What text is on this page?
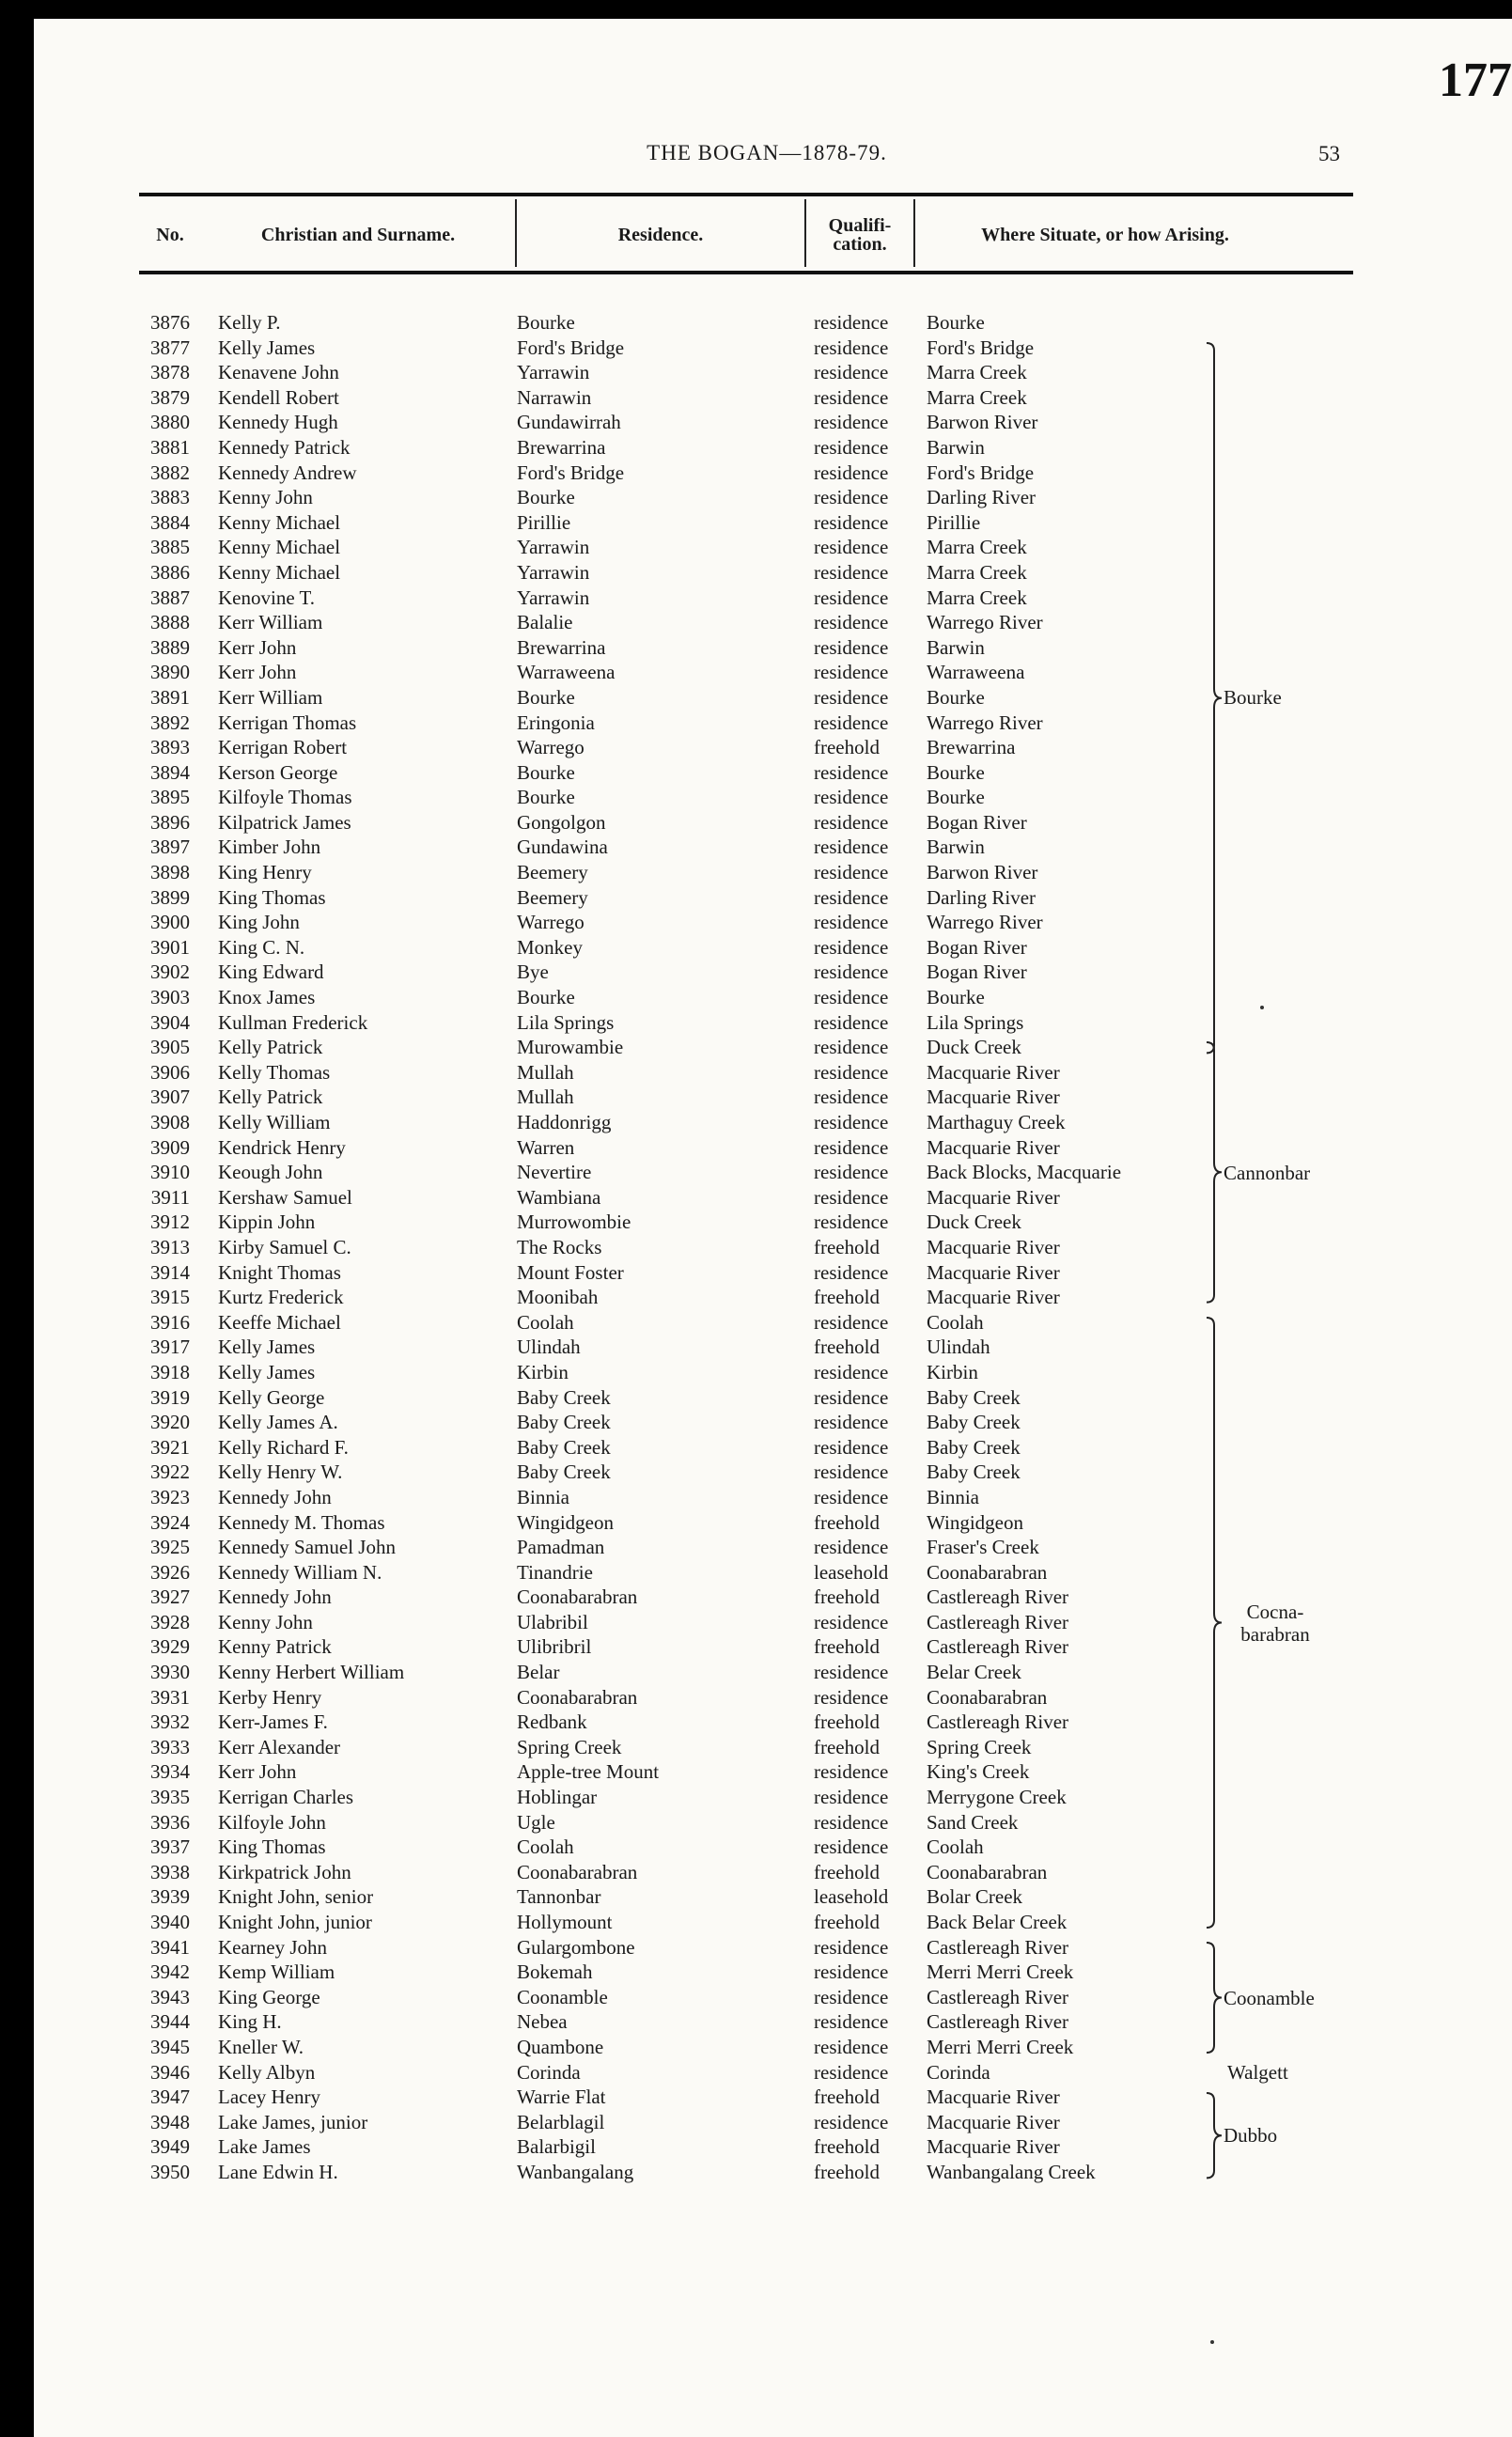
177
THE BOGAN—1878-79.	53
No.	Christian and Surname.	Residence.	Qualifi-
cation.	Where Situate, or how Arising.
3876 Kelly P.	Bourke	residence Bourke
3877 Kelly James	Ford's Bridge	residence Ford's Bridge
3878 Kenavene John	Yarrawin	residence Marra Creek
3879 Kendell Robert	Narrawin	residence Marra Creek
3880 Kennedy Hugh	Gundawirrah	residence Barwon River
3881 Kennedy Patrick	Brewarrina	residence Barwin
3882 Kennedy Andrew	Ford's Bridge	residence Ford's Bridge
3883 Kenny John	Bourke	residence Darling River
3884 Kenny Michael	Pirillie	residence Pirillie
3885 Kenny Michael	Yarrawin	residence Marra Creek
3886 Kenny Michael	Yarrawin	residence Marra Creek
3887 Kenovine T.	Yarrawin	residence Marra Creek
3888 Kerr William	Balalie	residence Warrego River
3889 Kerr John	Brewarrina	residence Barwin
3890 Kerr John	Warraweena	residence Warraweena
3891 Kerr William	Bourke	residence Bourke
3892 Kerrigan Thomas	Eringonia	residence Warrego River
3893 Kerrigan Robert	Warrego	freehold Brewarrina
3894 Kerson George	Bourke	residence Bourke
3895 Kilfoyle Thomas	Bourke	residence Bourke
3896 Kilpatrick James	Gongolgon	residence Bogan River
3897 Kimber John	Gundawina	residence Barwin
3898 King Henry	Beemery	residence Barwon River
3899 King Thomas	Beemery	residence Darling River
3900 King John	Warrego	residence Warrego River
3901 King C. N.	Monkey	residence Bogan River
3902 King Edward	Bye	residence Bogan River
3903 Knox James	Bourke	residence Bourke
3904 Kullman Frederick	Lila Springs	residence Lila Springs
3905 Kelly Patrick	Murowambie	residence Duck Creek
3906 Kelly Thomas	Mullah	residence Macquarie River
3907 Kelly Patrick	Mullah	residence Macquarie River
3908 Kelly William	Haddonrigg	residence Marthaguy Creek
3909 Kendrick Henry	Warren	residence Macquarie River
3910 Keough John	Nevertire	residence Back Blocks, Macquarie
3911 Kershaw Samuel	Wambiana	residence Macquarie River
3912 Kippin John	Murrowombie	residence Duck Creek
3913 Kirby Samuel C.	The Rocks	freehold Macquarie River
3914 Knight Thomas	Mount Foster	residence Macquarie River
3915 Kurtz Frederick	Moonibah	freehold Macquarie River
3916 Keeffe Michael	Coolah	residence Coolah
3917 Kelly James	Ulindah	freehold Ulindah
3918 Kelly James	Kirbin	residence Kirbin
3919 Kelly George	Baby Creek	residence Baby Creek
3920 Kelly James A.	Baby Creek	residence Baby Creek
3921 Kelly Richard F.	Baby Creek	residence Baby Creek
3922 Kelly Henry W.	Baby Creek	residence Baby Creek
3923 Kennedy John	Binnia	residence Binnia
3924 Kennedy M. Thomas	Wingidgeon	freehold Wingidgeon
3925 Kennedy Samuel John	Pamadman	residence Fraser's Creek
3926 Kennedy William N.	Tinandrie	leasehold Coonabarabran
3927 Kennedy John	Coonabarabran	freehold Castlereagh River
3928 Kenny John	Ulabribil	residence Castlereagh River
3929 Kenny Patrick	Ulibribril	freehold Castlereagh River
3930 Kenny Herbert William	Belar	residence Belar Creek
3931 Kerby Henry	Coonabarabran	residence Coonabarabran
3932 Kerr-James F.	Redbank	freehold Castlereagh River
3933 Kerr Alexander	Spring Creek	freehold Spring Creek
3934 Kerr John	Apple-tree Mount	residence King's Creek
3935 Kerrigan Charles	Hoblingar	residence Merrygone Creek
3936 Kilfoyle John	Ugle	residence Sand Creek
3937 King Thomas	Coolah	residence Coolah
3938 Kirkpatrick John	Coonabarabran	freehold Coonabarabran
3939 Knight John, senior	Tannonbar	leasehold Bolar Creek
3940 Knight John, junior	Hollymount	freehold Back Belar Creek
3941 Kearney John	Gulargombone	residence Castlereagh River
3942 Kemp William	Bokemah	residence Merri Merri Creek
3943 King George	Coonamble	residence Castlereagh River
3944 King H.	Nebea	residence Castlereagh River
3945 Kneller W.	Quambone	residence Merri Merri Creek
3946 Kelly Albyn	Corinda	residence Corinda
3947 Lacey Henry	Warrie Flat	freehold Macquarie River
3948 Lake James, junior	Belarblagil	residence Macquarie River
3949 Lake James	Balarbigil	freehold Macquarie River
3950 Lane Edwin H.	Wanbangalang	freehold Wanbangalang Creek
Bourke
Cannonbar
Cocna-
barabran
Coonamble
Walgett
Dubbo
